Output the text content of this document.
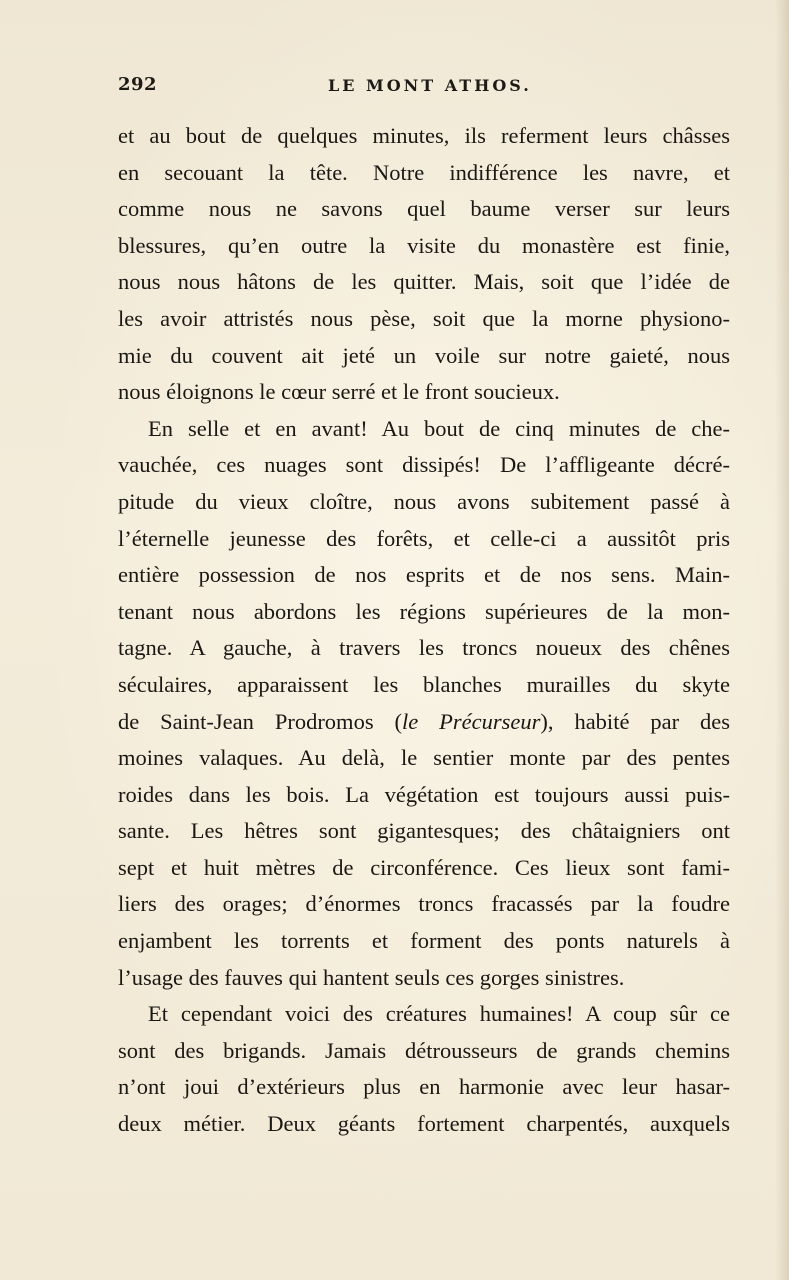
292	LE MONT ATHOS.
et au bout de quelques minutes, ils referment leurs châsses
en secouant la tête. Notre indifférence les navre, et
comme nous ne savons quel baume verser sur leurs
blessures, qu’en outre la visite du monastère est finie,
nous nous hâtons de les quitter. Mais, soit que l’idée de
les avoir attristés nous pèse, soit que la morne physiono-
mie du couvent ait jeté un voile sur notre gaieté, nous
nous éloignons le cœur serré et le front soucieux.
En selle et en avant! Au bout de cinq minutes de che-
vauchée, ces nuages sont dissipés! De l’affligeante décré-
pitude du vieux cloître, nous avons subitement passé à
l’éternelle jeunesse des forêts, et celle-ci a aussitôt pris
entière possession de nos esprits et de nos sens. Main-
tenant nous abordons les régions supérieures de la mon-
tagne. A gauche, à travers les troncs noueux des chênes
séculaires, apparaissent les blanches murailles du skyte
de Saint-Jean Prodromos (le Précurseur), habité par des
moines valaques. Au delà, le sentier monte par des pentes
roides dans les bois. La végétation est toujours aussi puis-
sante. Les hêtres sont gigantesques; des châtaigniers ont
sept et huit mètres de circonférence. Ces lieux sont fami-
liers des orages; d’énormes troncs fracassés par la foudre
enjambent les torrents et forment des ponts naturels à
l’usage des fauves qui hantent seuls ces gorges sinistres.
Et cependant voici des créatures humaines! A coup sûr ce
sont des brigands. Jamais détrousseurs de grands chemins
n’ont joui d’extérieurs plus en harmonie avec leur hasar-
deux métier. Deux géants fortement charpentés, auxquels
